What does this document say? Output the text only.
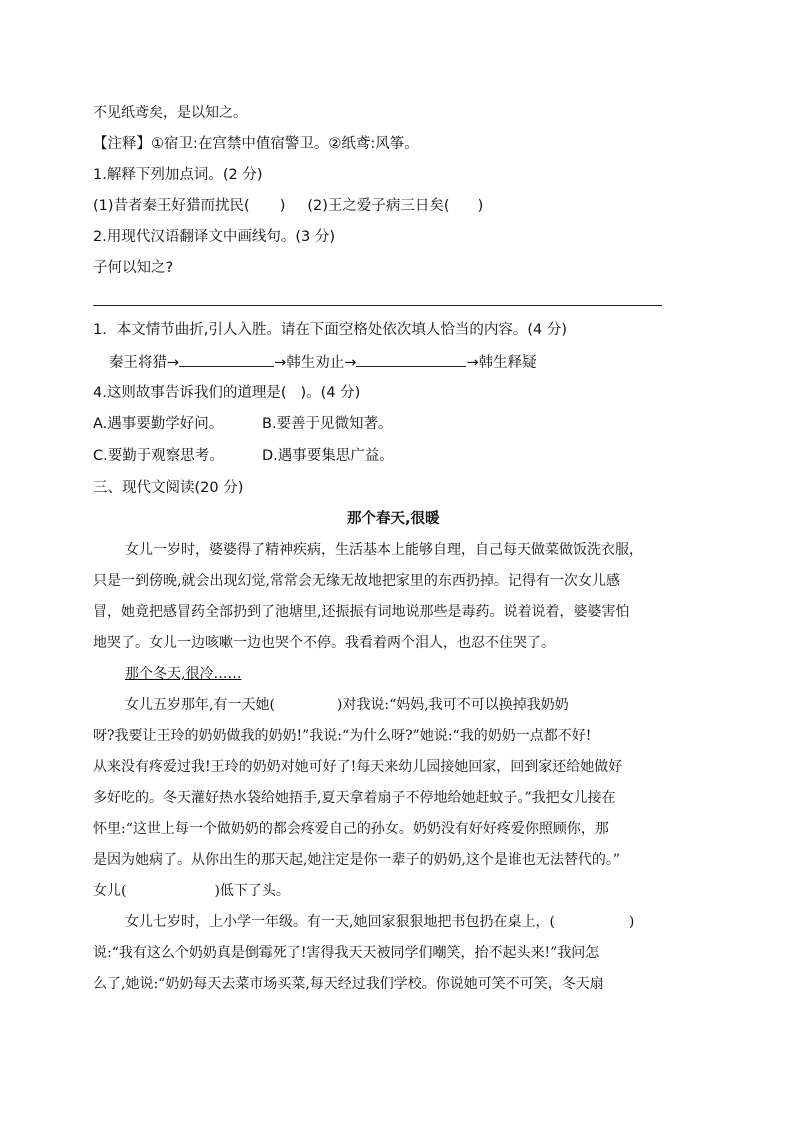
不见纸鸢矣，是以知之。
【注释】①宿卫:在宫禁中值宿警卫。②纸鸢:风筝。
1.解释下列加点词。(2 分)
(1)昔者秦王好猎而扰民( ) (2)王之爱子病三日矣( )
2.用现代汉语翻译文中画线句。(3 分)
子何以知之?
1．本文情节曲折,引人入胜。请在下面空格处依次填人恰当的内容。(4 分)
秦王将猎→	→韩生劝止→	→韩生释疑
4.这则故事告诉我们的道理是( )。(4 分)
A.遇事要勤学好问。	B.要善于见微知著。
C.要勤于观察思考。	D.遇事要集思广益。
三、现代文阅读(20 分)
那个春天,很暖
女儿一岁时，婆婆得了精神疾病，生活基本上能够自理，自己每天做菜做饭洗衣服，
只是一到傍晚,就会出现幻觉,常常会无缘无故地把家里的东西扔掉。记得有一次女儿感
冒，她竟把感冒药全部扔到了池塘里,还振振有词地说那些是毒药。说着说着，婆婆害怕
地哭了。女儿一边咳嗽一边也哭个不停。我看着两个泪人，也忍不住哭了。
那个冬天,很冷……
女儿五岁那年,有一天她(	)对我说:“妈妈,我可不可以换掉我奶奶
呀?我要让王玲的奶奶做我的奶奶!”我说:“为什么呀?”她说:“我的奶奶一点都不好!
从来没有疼爱过我!王玲的奶奶对她可好了!每天来幼儿园接她回家，回到家还给她做好
多好吃的。冬天灌好热水袋给她捂手,夏天拿着扇子不停地给她赶蚊子。”我把女儿接在
怀里:“这世上每一个做奶奶的都会疼爱自己的孙女。奶奶没有好好疼爱你照顾你，那
是因为她病了。从你出生的那天起,她注定是你一辈子的奶奶,这个是谁也无法替代的。”
女儿(	)低下了头。
女儿七岁时，上小学一年级。有一天,她回家狠狠地把书包扔在桌上，(	)
说:“我有这么个奶奶真是倒霉死了!害得我天天被同学们嘲笑，抬不起头来!”我问怎
么了,她说:“奶奶每天去菜市场买菜,每天经过我们学校。你说她可笑不可笑，冬天扇
